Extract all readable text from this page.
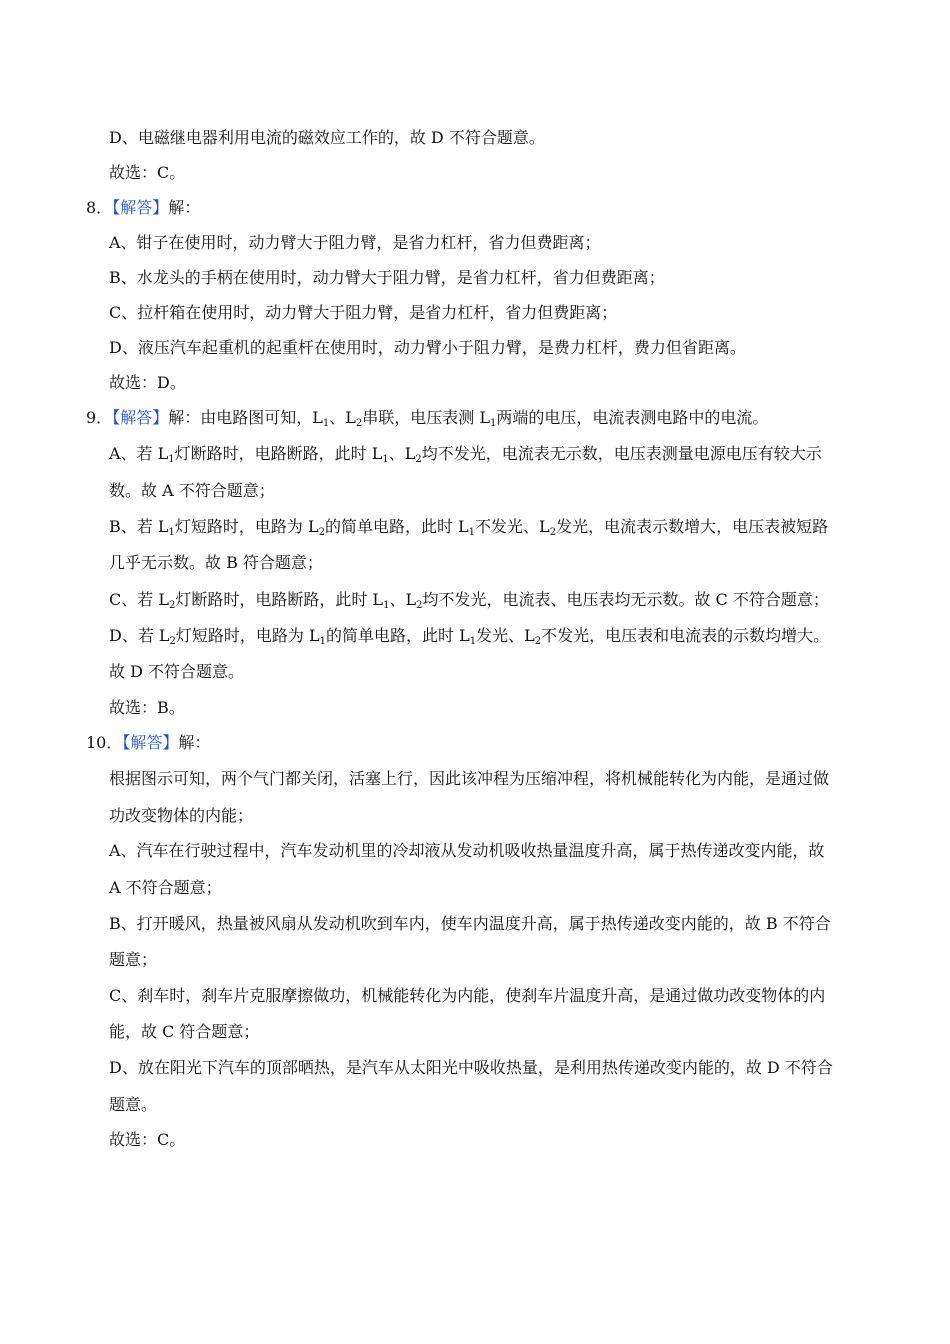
D、电磁继电器利用电流的磁效应工作的，故 D 不符合题意。
故选：C。
8．【解答】解：
A、钳子在使用时，动力臂大于阻力臂，是省力杠杆，省力但费距离；
B、水龙头的手柄在使用时，动力臂大于阻力臂，是省力杠杆，省力但费距离；
C、拉杆箱在使用时，动力臂大于阻力臂，是省力杠杆，省力但费距离；
D、液压汽车起重机的起重杆在使用时，动力臂小于阻力臂，是费力杠杆，费力但省距离。
故选：D。
9．【解答】解：由电路图可知，$L_1$、$L_2$串联，电压表测 $L_1$两端的电压，电流表测电路中的电流。
A、若 $L_1$灯断路时，电路断路，此时 $L_1$、$L_2$均不发光，电流表无示数，电压表测量电源电压有较大示
数。故 A 不符合题意；
B、若 $L_1$灯短路时，电路为 $L_2$的简单电路，此时 $L_1$不发光、$L_2$发光，电流表示数增大，电压表被短路
几乎无示数。故 B 符合题意；
C、若 $L_2$灯断路时，电路断路，此时 $L_1$、$L_2$均不发光，电流表、电压表均无示数。故 C 不符合题意；
D、若 $L_2$灯短路时，电路为 $L_1$的简单电路，此时 $L_1$发光、$L_2$不发光，电压表和电流表的示数均增大。
故 D 不符合题意。
故选：B。
10．【解答】解：
根据图示可知，两个气门都关闭，活塞上行，因此该冲程为压缩冲程，将机械能转化为内能，是通过做
功改变物体的内能；
A、汽车在行驶过程中，汽车发动机里的冷却液从发动机吸收热量温度升高，属于热传递改变内能，故
A 不符合题意；
B、打开暖风，热量被风扇从发动机吹到车内，使车内温度升高，属于热传递改变内能的，故 B 不符合
题意；
C、刹车时，刹车片克服摩擦做功，机械能转化为内能，使刹车片温度升高，是通过做功改变物体的内
能，故 C 符合题意；
D、放在阳光下汽车的顶部晒热，是汽车从太阳光中吸收热量，是利用热传递改变内能的，故 D 不符合
题意。
故选：C。
